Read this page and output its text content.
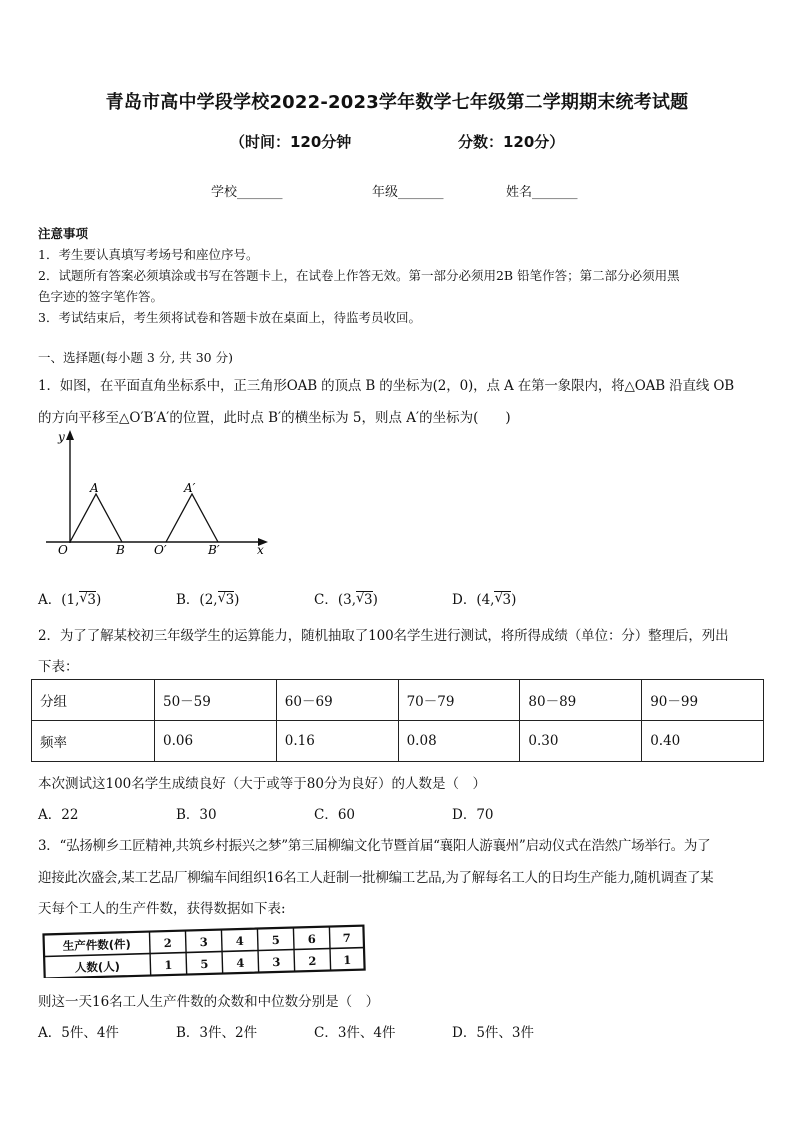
青岛市高中学段学校2022-2023学年数学七年级第二学期期末统考试题
（时间：120分钟	分数：120分）
学校_______	年级_______	姓名_______
注意事项
1．考生要认真填写考场号和座位序号。
2．试题所有答案必须填涂或书写在答题卡上，在试卷上作答无效。第一部分必须用2B 铅笔作答；第二部分必须用黑
色字迹的签字笔作答。
3．考试结束后，考生须将试卷和答题卡放在桌面上，待监考员收回。
一、选择题(每小题 3 分, 共 30 分)
1．如图，在平面直角坐标系中，正三角形OAB 的顶点 B 的坐标为(2，0)，点 A 在第一象限内，将△OAB 沿直线 OB
的方向平移至△O′B′A′的位置，此时点 B′的横坐标为 5，则点 A′的坐标为(　　)
y
x
O
A
B O′
A′
B′
A．(1, √ 3)	B．(2, √ 3)	C．(3, √ 3)	D．(4, √ 3)
2．为了了解某校初三年级学生的运算能力，随机抽取了100名学生进行测试，将所得成绩（单位：分）整理后，列出
下表：
分组	50－59	60－69	70－79	80－89	90－99
频率	0.06	0.16	0.08	0.30	0.40
本次测试这100名学生成绩良好（大于或等于80分为良好）的人数是（　）
A．22	B．30	C．60	D．70
3．“弘扬柳乡工匠精神,共筑乡村振兴之梦”第三届柳编文化节暨首届“襄阳人游襄州”启动仪式在浩然广场举行。为了
迎接此次盛会,某工艺品厂柳编车间组织16名工人赶制一批柳编工艺品,为了解每名工人的日均生产能力,随机调查了某
天每个工人的生产件数，获得数据如下表:
生产件数(件)	2 3 4 5 6 7
人数(人)	1 5 4 3 2 1
则这一天16名工人生产件数的众数和中位数分别是（　）
A．5件、4件	B．3件、2件	C．3件、4件	D．5件、3件
